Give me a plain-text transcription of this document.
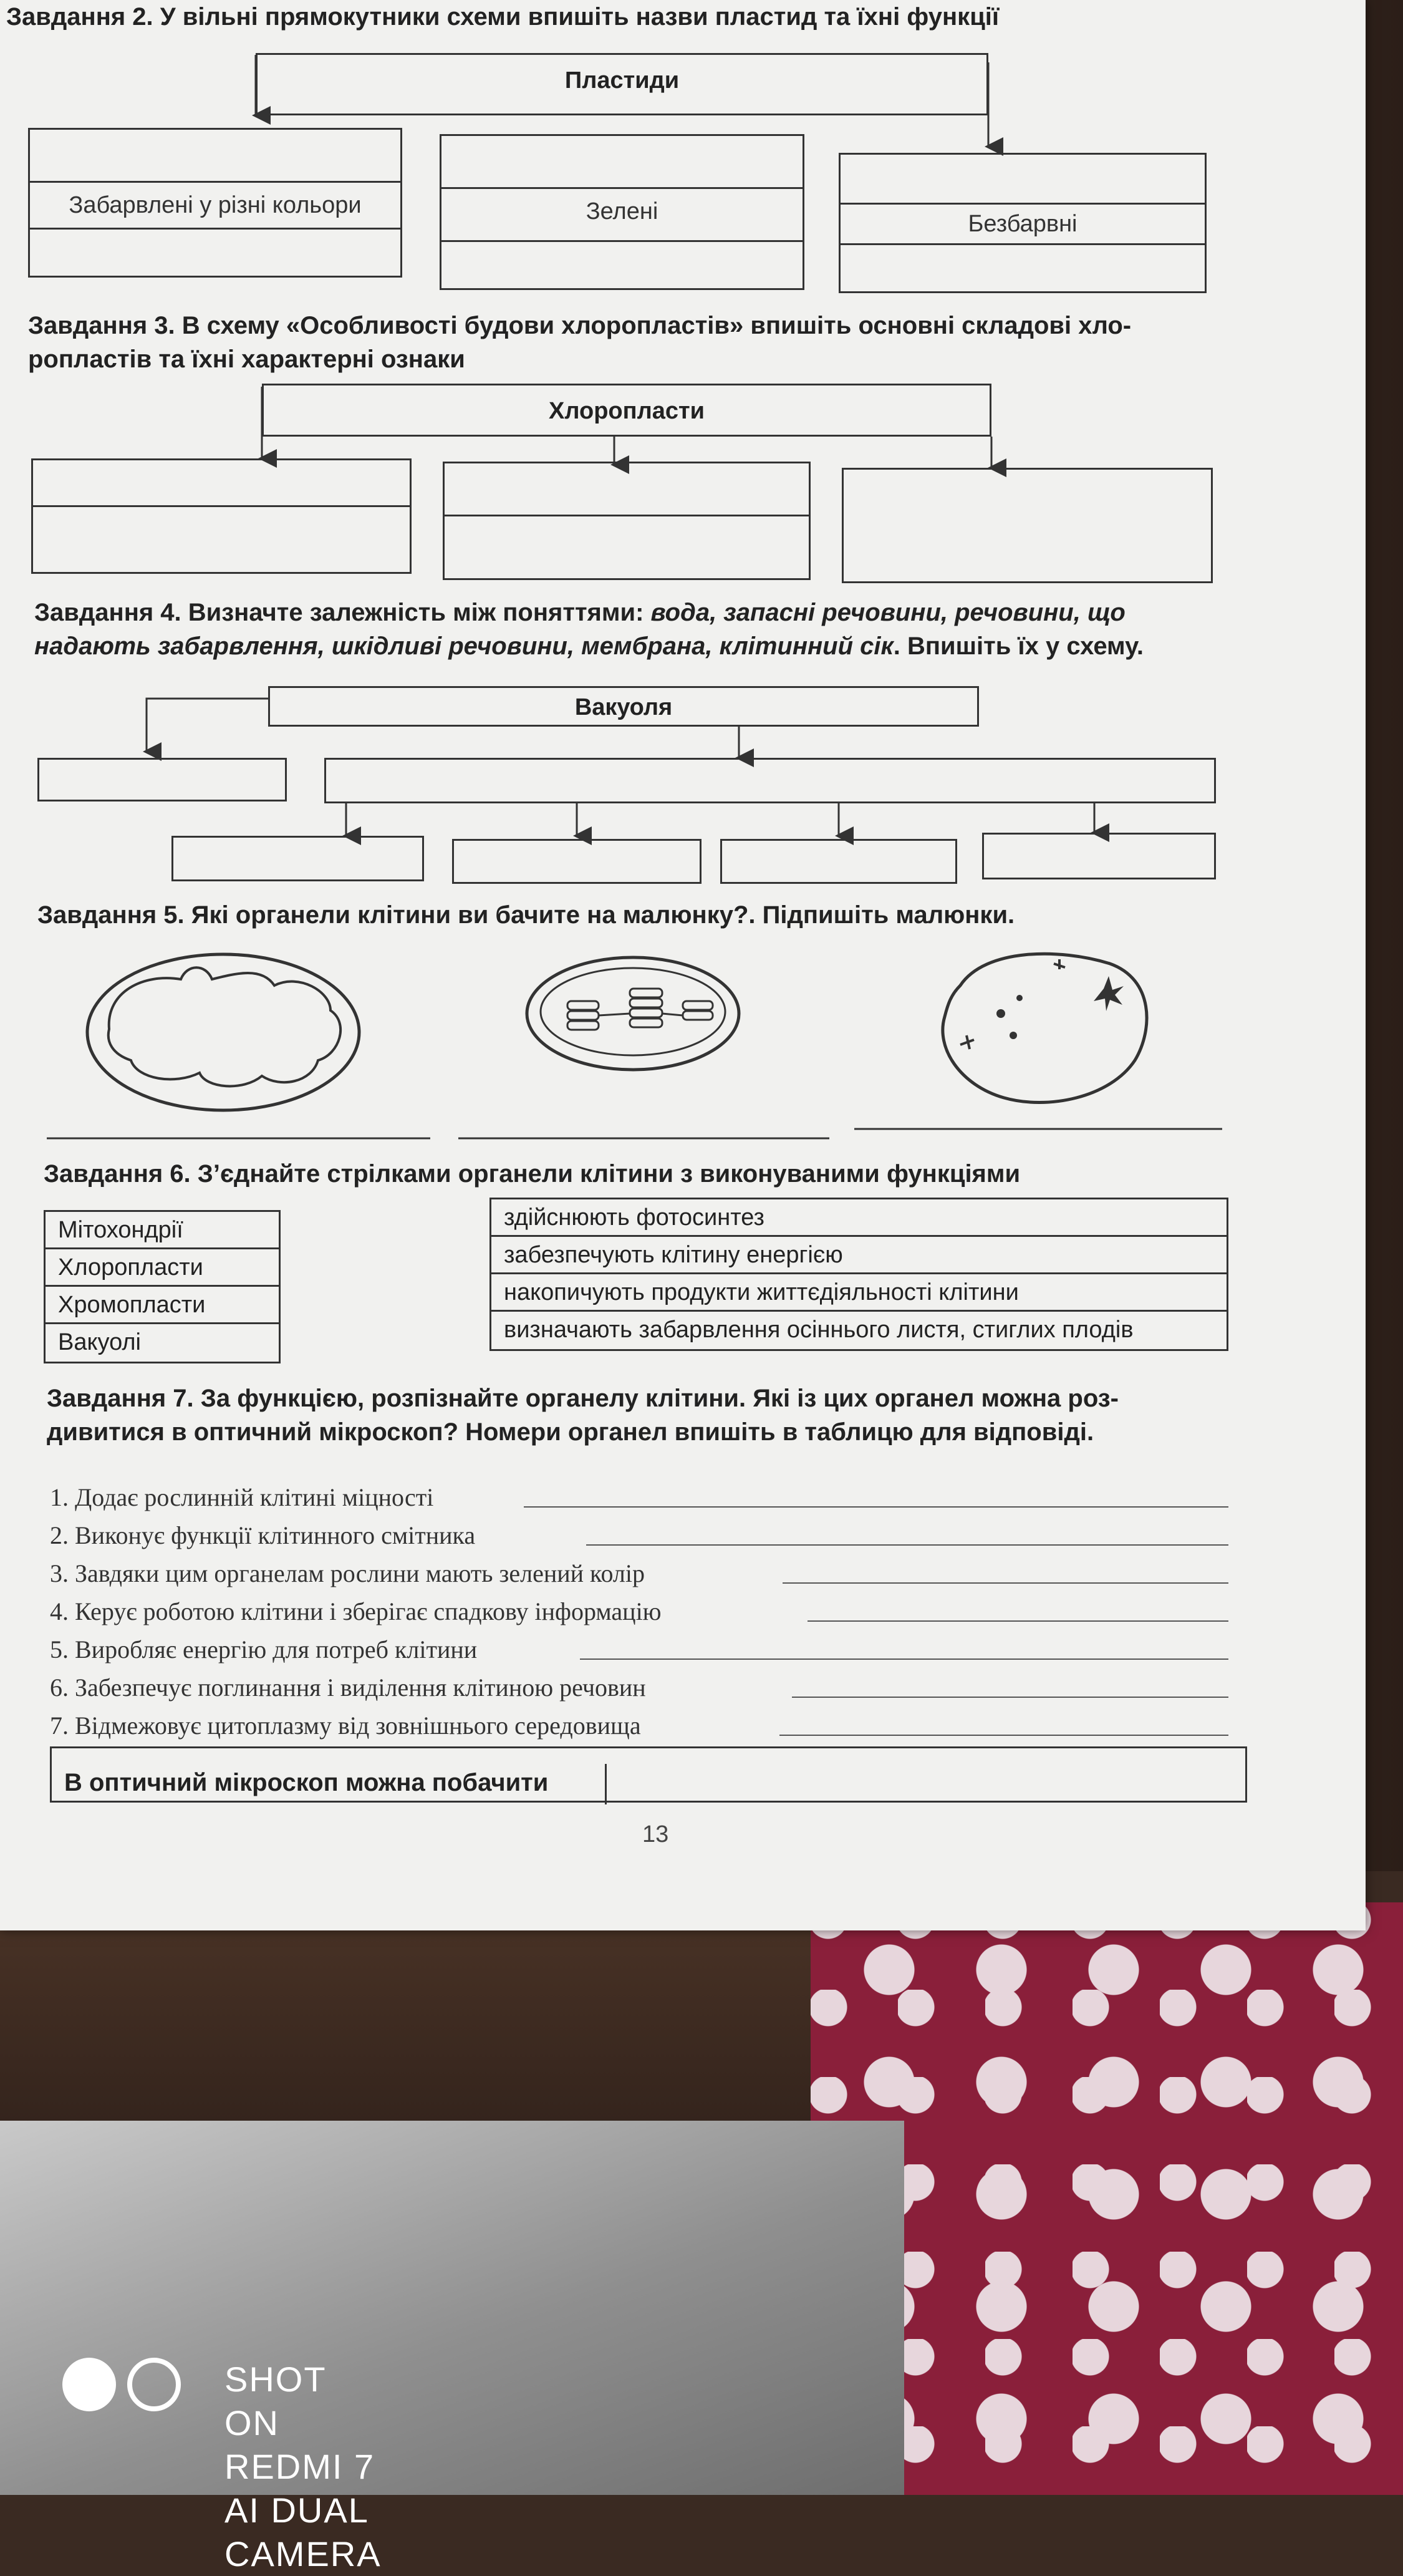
Завдання 2. У вільні прямокутники схеми впишіть назви пластид та їхні функції
Пластиди
Забарвлені у різні кольори	Зелені	Безбарвні
Завдання 3. В схему «Особливості будови хлоропластів» впишіть основні складові хло-
ропластів та їхні характерні ознаки
Хлоропласти
Завдання 4. Визначте залежність між поняттями: вода, запасні речовини, речовини, що
надають забарвлення, шкідливі речовини, мембрана, клітинний сік. Впишіть їх у схему.
Вакуоля
Завдання 5. Які органели клітини ви бачите на малюнку?. Підпишіть малюнки.
Завдання 6. З’єднайте стрілками органели клітини з виконуваними функціями
Мітохондрії
Хлоропласти
Хромопласти
Вакуолі
здійснюють фотосинтез
забезпечують клітину енергією
накопичують продукти життєдіяльності клітини
визначають забарвлення осіннього листя, стиглих плодів
Завдання 7. За функцією, розпізнайте органелу клітини. Які із цих органел можна роз-
дивитися в оптичний мікроскоп? Номери органел впишіть в таблицю для відповіді.
1. Додає рослинній клітині міцності
2. Виконує функції клітинного смітника
3. Завдяки цим органелам рослини мають зелений колір
4. Керує роботою клітини і зберігає спадкову інформацію
5. Виробляє енергію для потреб клітини
6. Забезпечує поглинання і виділення клітиною речовин
7. Відмежовує цитоплазму від зовнішнього середовища
В оптичний мікроскоп можна побачити
13
SHOT ON REDMI 7
AI DUAL CAMERA
